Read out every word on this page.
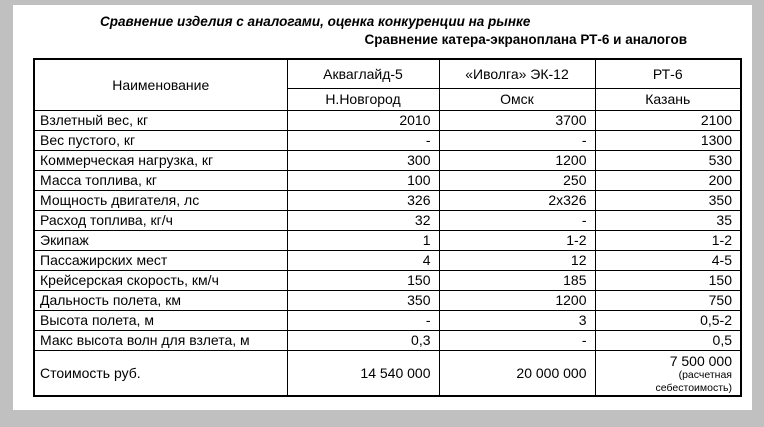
Сравнение изделия с аналогами, оценка конкуренции на рынке
Сравнение катера-экраноплана РТ-6 и аналогов
Наименование	Акваглайд-5	«Иволга» ЭК-12	РТ-6
	Н.Новгород	Омск	Казань
Взлетный вес, кг	2010	3700	2100
Вес пустого, кг	-	-	1300
Коммерческая нагрузка, кг	300	1200	530
Масса топлива, кг	100	250	200
Мощность двигателя, лс	326	2х326	350
Расход топлива, кг/ч	32	-	35
Экипаж	1	1-2	1-2
Пассажирских мест	4	12	4-5
Крейсерская скорость, км/ч	150	185	150
Дальность полета, км	350	1200	750
Высота полета, м	-	3	0,5-2
Макс высота волн для взлета, м	0,3	-	0,5
Стоимость руб.	14 540 000	20 000 000	7 500 000
(расчетная себестоимость)
